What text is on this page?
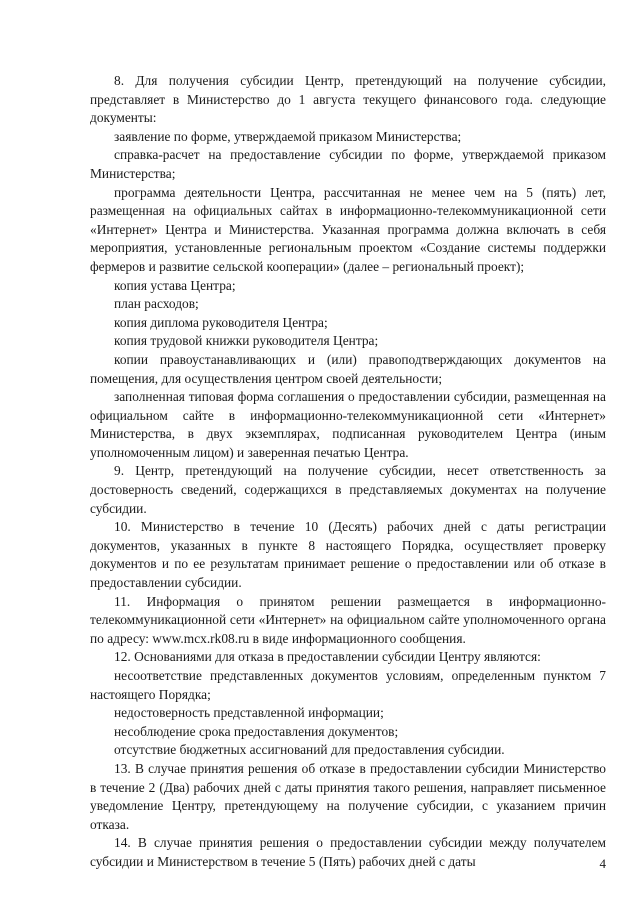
8. Для получения субсидии Центр, претендующий на получение субсидии, представляет в Министерство до 1 августа текущего финансового года. следующие документы:

заявление по форме, утверждаемой приказом Министерства;

справка-расчет на предоставление субсидии по форме, утверждаемой приказом Министерства;

программа деятельности Центра, рассчитанная не менее чем на 5 (пять) лет, размещенная на официальных сайтах в информационно-телекоммуникационной сети «Интернет» Центра и Министерства. Указанная программа должна включать в себя мероприятия, установленные региональным проектом «Создание системы поддержки фермеров и развитие сельской кооперации» (далее – региональный проект);

копия устава Центра;

план расходов;

копия диплома руководителя Центра;

копия трудовой книжки руководителя Центра;

копии правоустанавливающих и (или) правоподтверждающих документов на помещения, для осуществления центром своей деятельности;

заполненная типовая форма соглашения о предоставлении субсидии, размещенная на официальном сайте в информационно-телекоммуникационной сети «Интернет» Министерства, в двух экземплярах, подписанная руководителем Центра (иным уполномоченным лицом) и заверенная печатью Центра.

9. Центр, претендующий на получение субсидии, несет ответственность за достоверность сведений, содержащихся в представляемых документах на получение субсидии.

10. Министерство в течение 10 (Десять) рабочих дней с даты регистрации документов, указанных в пункте 8 настоящего Порядка, осуществляет проверку документов и по ее результатам принимает решение о предоставлении или об отказе в предоставлении субсидии.

11. Информация о принятом решении размещается в информационно-телекоммуникационной сети «Интернет» на официальном сайте уполномоченного органа по адресу: www.mcx.rk08.ru в виде информационного сообщения.

12. Основаниями для отказа в предоставлении субсидии Центру являются:

несоответствие представленных документов условиям, определенным пунктом 7 настоящего Порядка;

недостоверность представленной информации;

несоблюдение срока предоставления документов;

отсутствие бюджетных ассигнований для предоставления субсидии.

13. В случае принятия решения об отказе в предоставлении субсидии Министерство в течение 2 (Два) рабочих дней с даты принятия такого решения, направляет письменное уведомление Центру, претендующему на получение субсидии, с указанием причин отказа.

14. В случае принятия решения о предоставлении субсидии между получателем субсидии и Министерством в течение 5 (Пять) рабочих дней с даты	4
